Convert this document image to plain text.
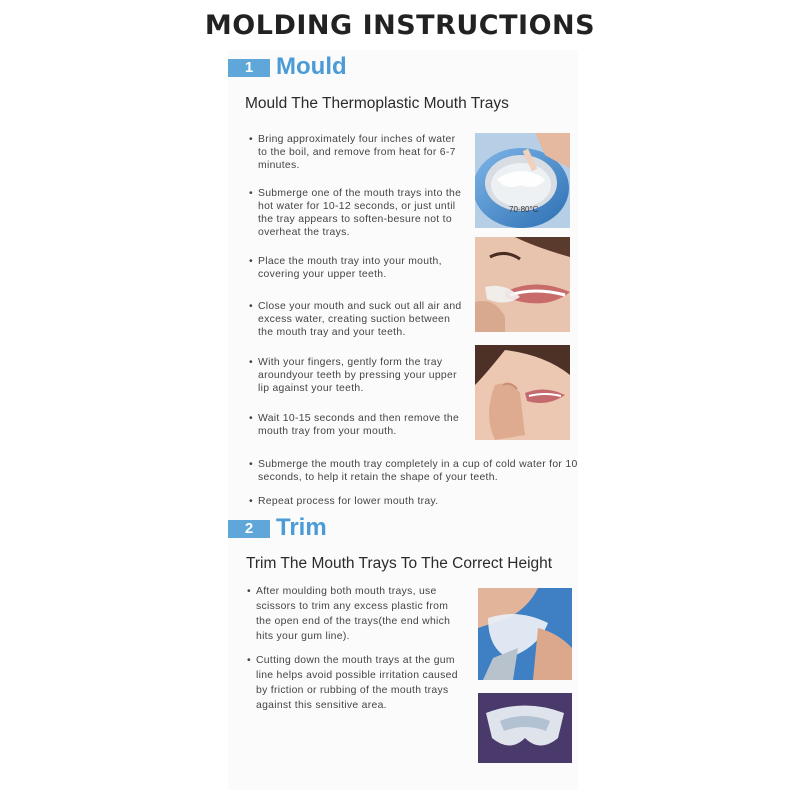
MOLDING INSTRUCTIONS
1 Mould
Mould The Thermoplastic Mouth Trays
• Bring approximately four inches of water
to the boil, and remove from heat for 6-7
minutes.
• Submerge one of the mouth trays into the
hot water for 10-12 seconds, or just until
the tray appears to soften-besure not to
overheat the trays.
• Place the mouth tray into your mouth,
covering your upper teeth.
• Close your mouth and suck out all air and
excess water, creating suction between
the mouth tray and your teeth.
• With your fingers, gently form the tray
aroundyour teeth by pressing your upper
lip against your teeth.
• Wait 10-15 seconds and then remove the
mouth tray from your mouth.
• Submerge the mouth tray completely in a cup of cold water for 10
seconds, to help it retain the shape of your teeth.
• Repeat process for lower mouth tray.
70-80°C
2 Trim
Trim The Mouth Trays To The Correct Height
• After moulding both mouth trays, use
scissors to trim any excess plastic from
the open end of the trays(the end which
hits your gum line).
• Cutting down the mouth trays at the gum
line helps avoid possible irritation caused
by friction or rubbing of the mouth trays
against this sensitive area.
